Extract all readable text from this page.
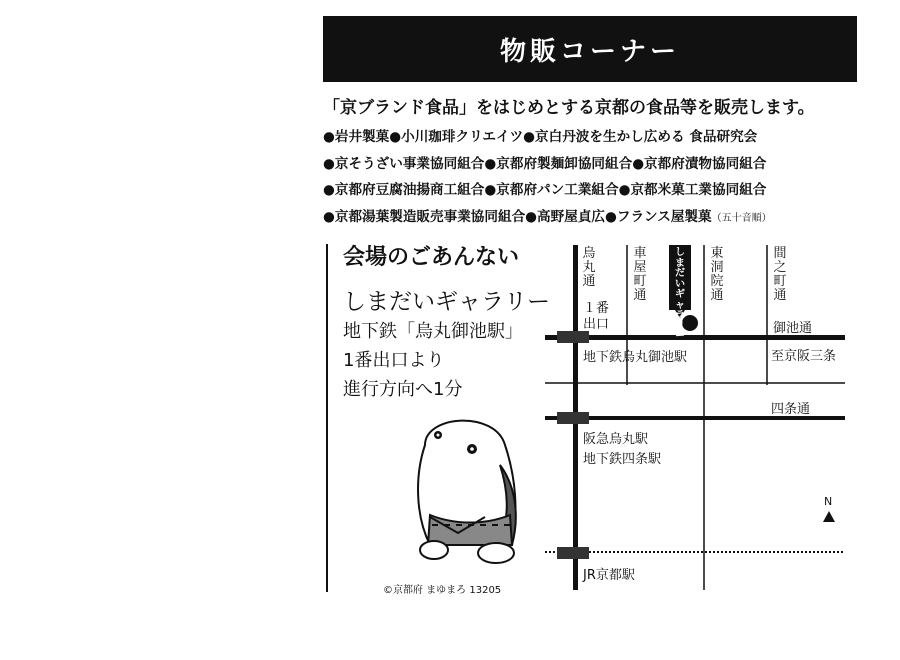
物販コーナー
「京ブランド食品」をはじめとする京都の食品等を販売します。
●岩井製菓●小川珈琲クリエイツ●京白丹波を生かし広める 食品研究会
●京そうざい事業協同組合●京都府製麺卸協同組合●京都府漬物協同組合
●京都府豆腐油揚商工組合●京都府パン工業組合●京都米菓工業協同組合
●京都湯葉製造販売事業協同組合●高野屋貞広●フランス屋製菓（五十音順）
会場のごあんない
しまだいギャラリー
地下鉄「烏丸御池駅」
1番出口より
進行方向へ1分
©京都府 まゆまろ 13205
烏丸通
車屋町通
東洞院通
間之町通
しまだいギャラリー
１番
出口	御池通
地下鉄烏丸御池駅	至京阪三条
四条通
阪急烏丸駅
地下鉄四条駅
N
JR京都駅
